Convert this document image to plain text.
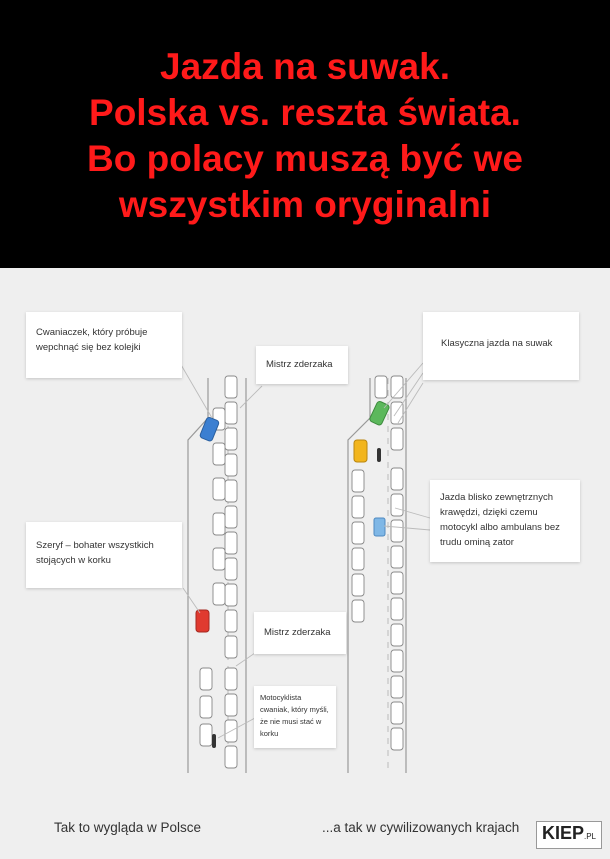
Jazda na suwak.
Polska vs. reszta świata.
Bo polacy muszą być we
wszystkim oryginalni
Cwaniaczek, który próbuje wepchnąć się bez kolejki
Mistrz zderzaka
Szeryf – bohater wszystkich stojących w korku
Mistrz zderzaka
Motocyklista cwaniak, który myśli, że nie musi stać w korku
Klasyczna jazda na suwak
Jazda blisko zewnętrznych krawędzi, dzięki czemu motocykl albo ambulans bez trudu ominą zator
Tak to wygląda w Polsce	...a tak w cywilizowanych krajach	KIEP.PL
